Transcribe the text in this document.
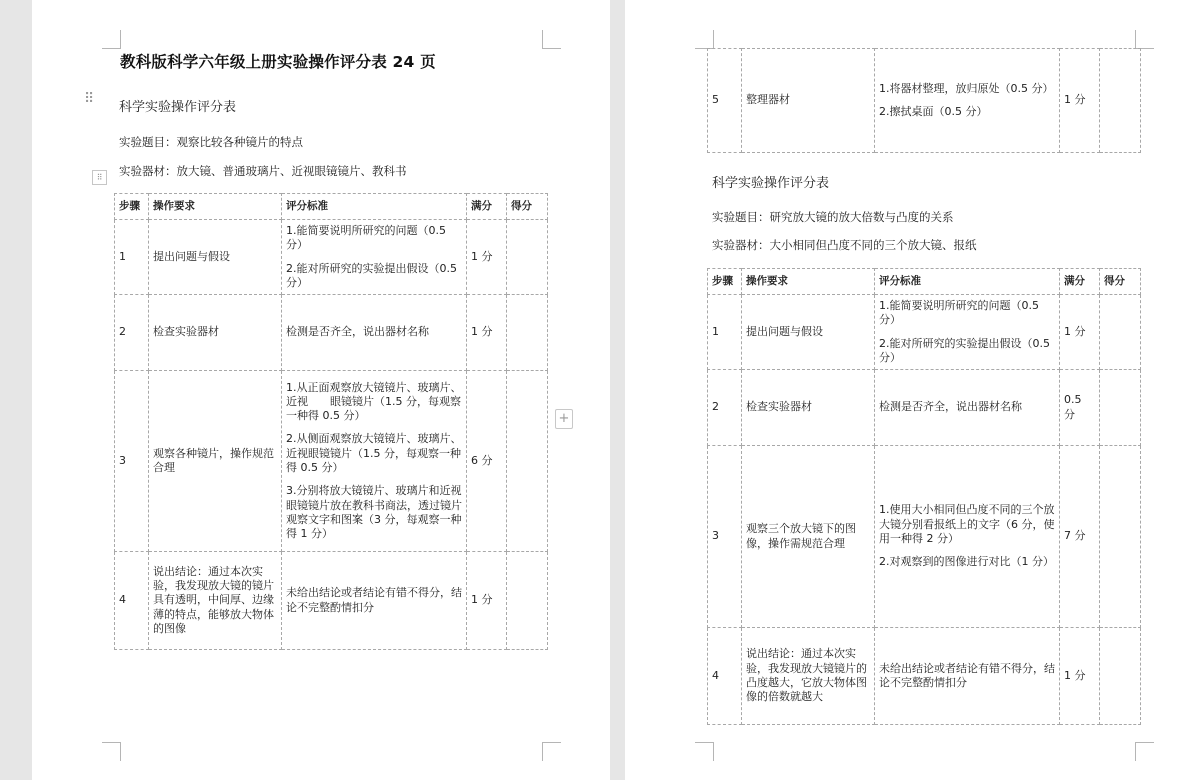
教科版科学六年级上册实验操作评分表 24 页
⠿
科学实验操作评分表
实验题目：观察比较各种镜片的特点
⠿	实验器材：放大镜、普通玻璃片、近视眼镜镜片、教科书
步骤	操作要求	评分标准	满分	得分
1	提出问题与假设	1.能简要说明所研究的问题（0.5分）

2.能对所研究的实验提出假设（0.5分）	1 分	
2	检查实验器材	检测是否齐全，说出器材名称	1 分	
3	观察各种镜片，操作规范合理	1.从正面观察放大镜镜片、玻璃片、近视　　眼镜镜片（1.5 分，每观察一种得 0.5 分）

2.从侧面观察放大镜镜片、玻璃片、近视眼镜镜片（1.5 分，每观察一种得 0.5 分）

3.分别将放大镜镜片、玻璃片和近视眼镜镜片放在教科书商法，透过镜片观察文字和图案（3 分，每观察一种得 1 分）	6 分	
4	说出结论：通过本次实验，我发现放大镜的镜片具有透明，中间厚、边缘薄的特点，能够放大物体的图像	未给出结论或者结论有错不得分，结论不完整酌情扣分	1 分	
+
5	整理器材	

1.将器材整理，放归原处（0.5 分）

2.擦拭桌面（0.5 分）

	1 分	
科学实验操作评分表
实验题目：研究放大镜的放大倍数与凸度的关系
实验器材：大小相同但凸度不同的三个放大镜、报纸
步骤	操作要求	评分标准	满分	得分
1	提出问题与假设	1.能简要说明所研究的问题（0.5分）

2.能对所研究的实验提出假设（0.5分）	1 分	
2	检查实验器材	检测是否齐全，说出器材名称	0.5 分	
3	观察三个放大镜下的图像，操作需规范合理	1.使用大小相同但凸度不同的三个放大镜分别看报纸上的文字（6 分，使用一种得 2 分）

2.对观察到的图像进行对比（1 分）	7 分	
4	说出结论：通过本次实验，我发现放大镜镜片的凸度越大，它放大物体图像的倍数就越大	未给出结论或者结论有错不得分，结论不完整酌情扣分	1 分	
